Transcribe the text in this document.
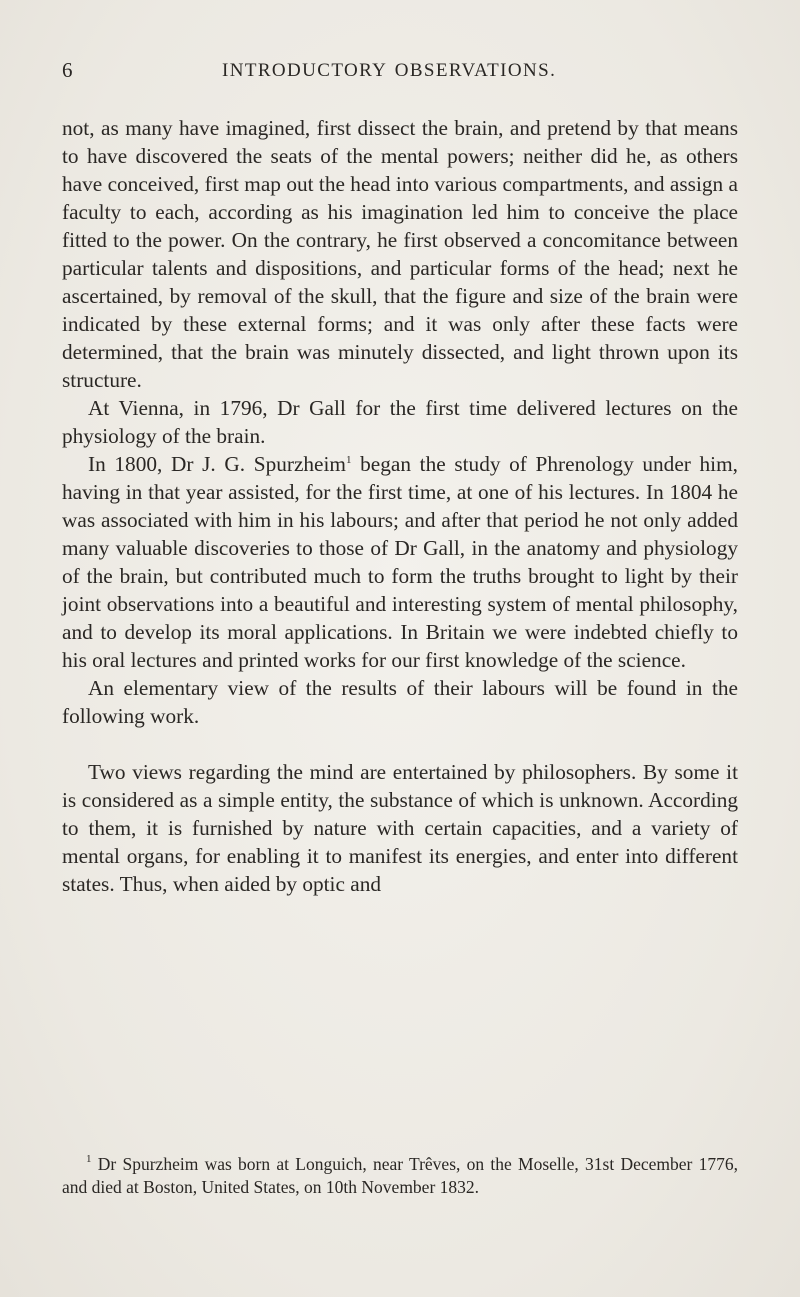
6	INTRODUCTORY OBSERVATIONS.

not, as many have imagined, first dissect the brain, and pretend by that means to have discovered the seats of the mental powers; neither did he, as others have conceived, first map out the head into various compartments, and assign a faculty to each, according as his imagination led him to conceive the place fitted to the power. On the contrary, he first observed a concomitance between particular talents and dispositions, and particular forms of the head; next he ascertained, by removal of the skull, that the figure and size of the brain were indicated by these external forms; and it was only after these facts were determined, that the brain was minutely dissected, and light thrown upon its structure.

At Vienna, in 1796, Dr Gall for the first time delivered lectures on the physiology of the brain.

In 1800, Dr J. G. Spurzheim$^1$ began the study of Phrenology under him, having in that year assisted, for the first time, at one of his lectures. In 1804 he was associated with him in his labours; and after that period he not only added many valuable discoveries to those of Dr Gall, in the anatomy and physiology of the brain, but contributed much to form the truths brought to light by their joint observations into a beautiful and interesting system of mental philosophy, and to develop its moral applications. In Britain we were indebted chiefly to his oral lectures and printed works for our first knowledge of the science.

An elementary view of the results of their labours will be found in the following work.

Two views regarding the mind are entertained by philosophers. By some it is considered as a simple entity, the substance of which is unknown. According to them, it is furnished by nature with certain capacities, and a variety of mental organs, for enabling it to manifest its energies, and enter into different states. Thus, when aided by optic and

$^1$ Dr Spurzheim was born at Longuich, near Trêves, on the Moselle, 31st December 1776, and died at Boston, United States, on 10th November 1832.
